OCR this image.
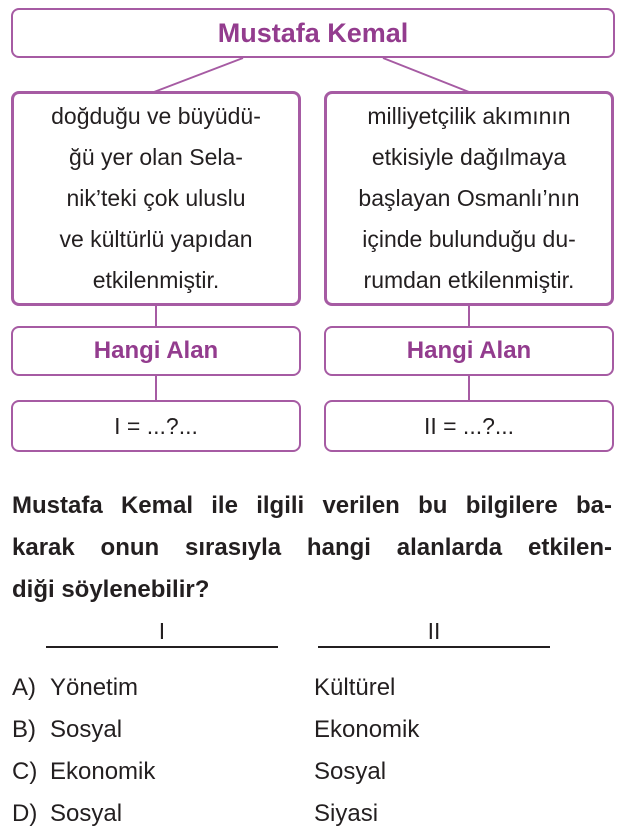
Mustafa Kemal
doğduğu ve büyüdü-
ğü yer olan Sela-
nik’teki çok uluslu
ve kültürlü yapıdan
etkilenmiştir.
milliyetçilik akımının
etkisiyle dağılmaya
başlayan Osmanlı’nın
içinde bulunduğu du-
rumdan etkilenmiştir.
Hangi Alan	Hangi Alan
I = ...?...	II = ...?...
Mustafa Kemal ile ilgili verilen bu bilgilere ba-
karak onun sırasıyla hangi alanlarda etkilen-
diği söylenebilir?
I	II
A) Yönetim	Kültürel
B) Sosyal	Ekonomik
C) Ekonomik	Sosyal
D) Sosyal	Siyasi
